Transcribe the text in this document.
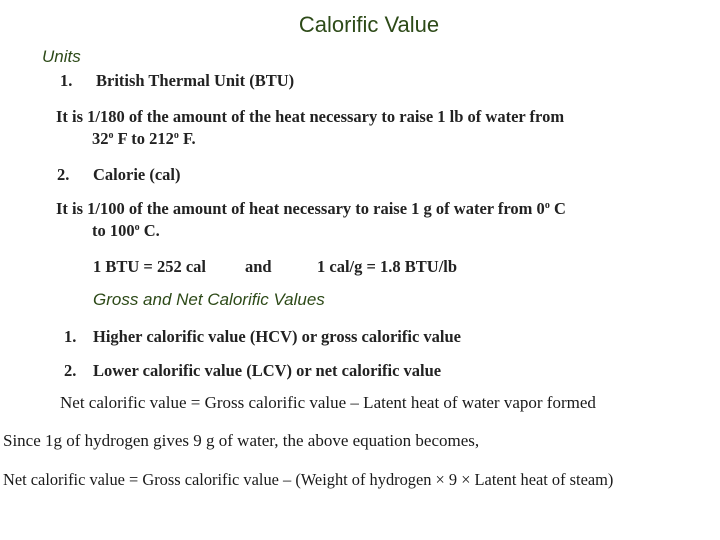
Calorific Value
Units
1. British Thermal Unit (BTU)
It is 1/180 of the amount of the heat necessary to raise 1 lb of water from
32$^o$ F to 212$^o$ F.
2. Calorie (cal)
It is 1/100 of the amount of heat necessary to raise 1 g of water from 0$^o$ C
to 100$^o$ C.
1 BTU = 252 cal and	1 cal/g = 1.8 BTU/lb
Gross and Net Calorific Values
1. Higher calorific value (HCV) or gross calorific value
2. Lower calorific value (LCV) or net calorific value
Net calorific value = Gross calorific value – Latent heat of water vapor formed
Since 1g of hydrogen gives 9 g of water, the above equation becomes,
Net calorific value = Gross calorific value – (Weight of hydrogen × 9 × Latent heat of steam)
